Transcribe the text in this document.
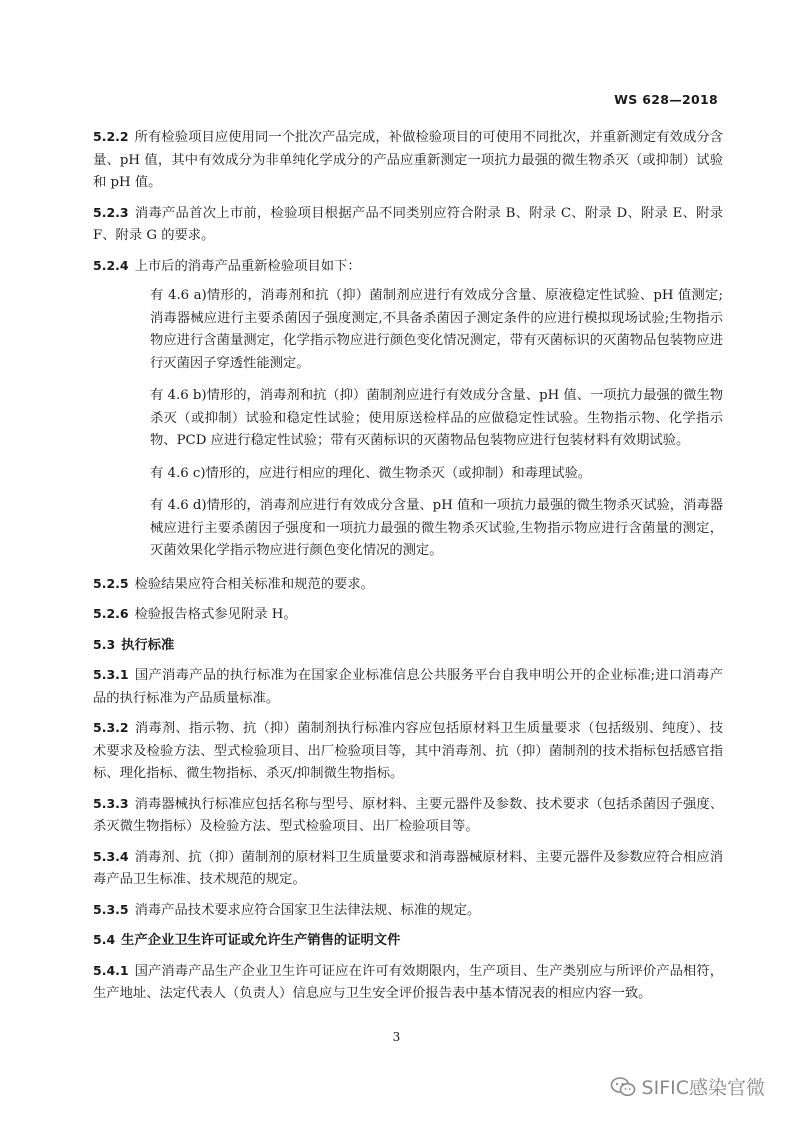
WS 628—2018

5.2.2 所有检验项目应使用同一个批次产品完成，补做检验项目的可使用不同批次，并重新测定有效成分含量、pH 值，其中有效成分为非单纯化学成分的产品应重新测定一项抗力最强的微生物杀灭（或抑制）试验和 pH 值。

5.2.3 消毒产品首次上市前，检验项目根据产品不同类别应符合附录 B、附录 C、附录 D、附录 E、附录 F、附录 G 的要求。

5.2.4 上市后的消毒产品重新检验项目如下：

有 4.6 a)情形的，消毒剂和抗（抑）菌制剂应进行有效成分含量、原液稳定性试验、pH 值测定;消毒器械应进行主要杀菌因子强度测定,不具备杀菌因子测定条件的应进行模拟现场试验;生物指示物应进行含菌量测定，化学指示物应进行颜色变化情况测定，带有灭菌标识的灭菌物品包装物应进行灭菌因子穿透性能测定。
有 4.6 b)情形的，消毒剂和抗（抑）菌制剂应进行有效成分含量、pH 值、一项抗力最强的微生物杀灭（或抑制）试验和稳定性试验；使用原送检样品的应做稳定性试验。生物指示物、化学指示物、PCD 应进行稳定性试验；带有灭菌标识的灭菌物品包装物应进行包装材料有效期试验。
有 4.6 c)情形的，应进行相应的理化、微生物杀灭（或抑制）和毒理试验。
有 4.6 d)情形的，消毒剂应进行有效成分含量、pH 值和一项抗力最强的微生物杀灭试验，消毒器械应进行主要杀菌因子强度和一项抗力最强的微生物杀灭试验,生物指示物应进行含菌量的测定，灭菌效果化学指示物应进行颜色变化情况的测定。

5.2.5 检验结果应符合相关标准和规范的要求。

5.2.6 检验报告格式参见附录 H。

5.3 执行标准

5.3.1 国产消毒产品的执行标准为在国家企业标准信息公共服务平台自我申明公开的企业标准;进口消毒产品的执行标准为产品质量标准。

5.3.2 消毒剂、指示物、抗（抑）菌制剂执行标准内容应包括原材料卫生质量要求（包括级别、纯度）、技术要求及检验方法、型式检验项目、出厂检验项目等，其中消毒剂、抗（抑）菌制剂的技术指标包括感官指标、理化指标、微生物指标、杀灭/抑制微生物指标。

5.3.3 消毒器械执行标准应包括名称与型号、原材料、主要元器件及参数、技术要求（包括杀菌因子强度、杀灭微生物指标）及检验方法、型式检验项目、出厂检验项目等。

5.3.4 消毒剂、抗（抑）菌制剂的原材料卫生质量要求和消毒器械原材料、主要元器件及参数应符合相应消毒产品卫生标准、技术规范的规定。

5.3.5 消毒产品技术要求应符合国家卫生法律法规、标准的规定。

5.4 生产企业卫生许可证或允许生产销售的证明文件

5.4.1 国产消毒产品生产企业卫生许可证应在许可有效期限内，生产项目、生产类别应与所评价产品相符，生产地址、法定代表人（负责人）信息应与卫生安全评价报告表中基本情况表的相应内容一致。

3
SIFIC感染官微
